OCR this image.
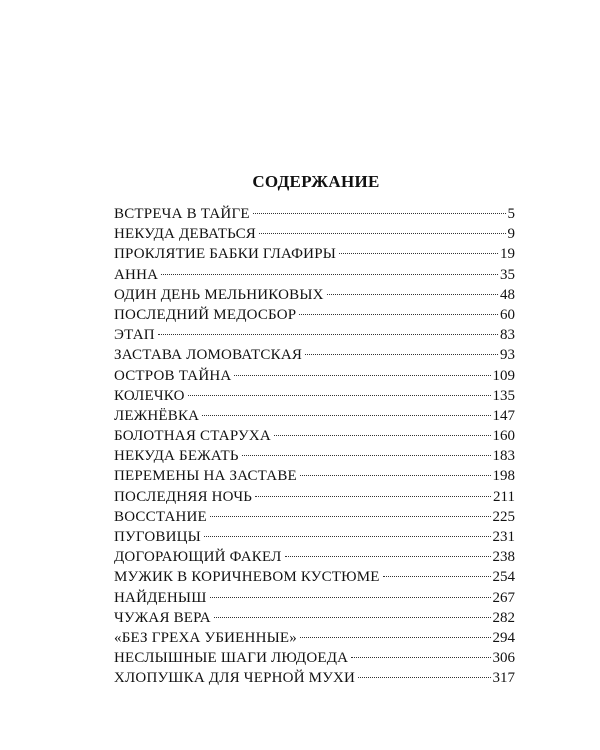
СОДЕРЖАНИЕ
ВСТРЕЧА В ТАЙГЕ	5
НЕКУДА ДЕВАТЬСЯ	9
ПРОКЛЯТИЕ БАБКИ ГЛАФИРЫ	19
АННА	35
ОДИН ДЕНЬ МЕЛЬНИКОВЫХ	48
ПОСЛЕДНИЙ МЕДОСБОР	60
ЭТАП	83
ЗАСТАВА ЛОМОВАТСКАЯ	93
ОСТРОВ ТАЙНА	109
КОЛЕЧКО	135
ЛЕЖНЁВКА	147
БОЛОТНАЯ СТАРУХА	160
НЕКУДА БЕЖАТЬ	183
ПЕРЕМЕНЫ НА ЗАСТАВЕ	198
ПОСЛЕДНЯЯ НОЧЬ	211
ВОССТАНИЕ	225
ПУГОВИЦЫ	231
ДОГОРАЮЩИЙ ФАКЕЛ	238
МУЖИК В КОРИЧНЕВОМ КУСТЮМЕ	254
НАЙДЕНЫШ	267
ЧУЖАЯ ВЕРА	282
«БЕЗ ГРЕХА УБИЕННЫЕ»	294
НЕСЛЫШНЫЕ ШАГИ ЛЮДОЕДА	306
ХЛОПУШКА ДЛЯ ЧЕРНОЙ МУХИ	317
